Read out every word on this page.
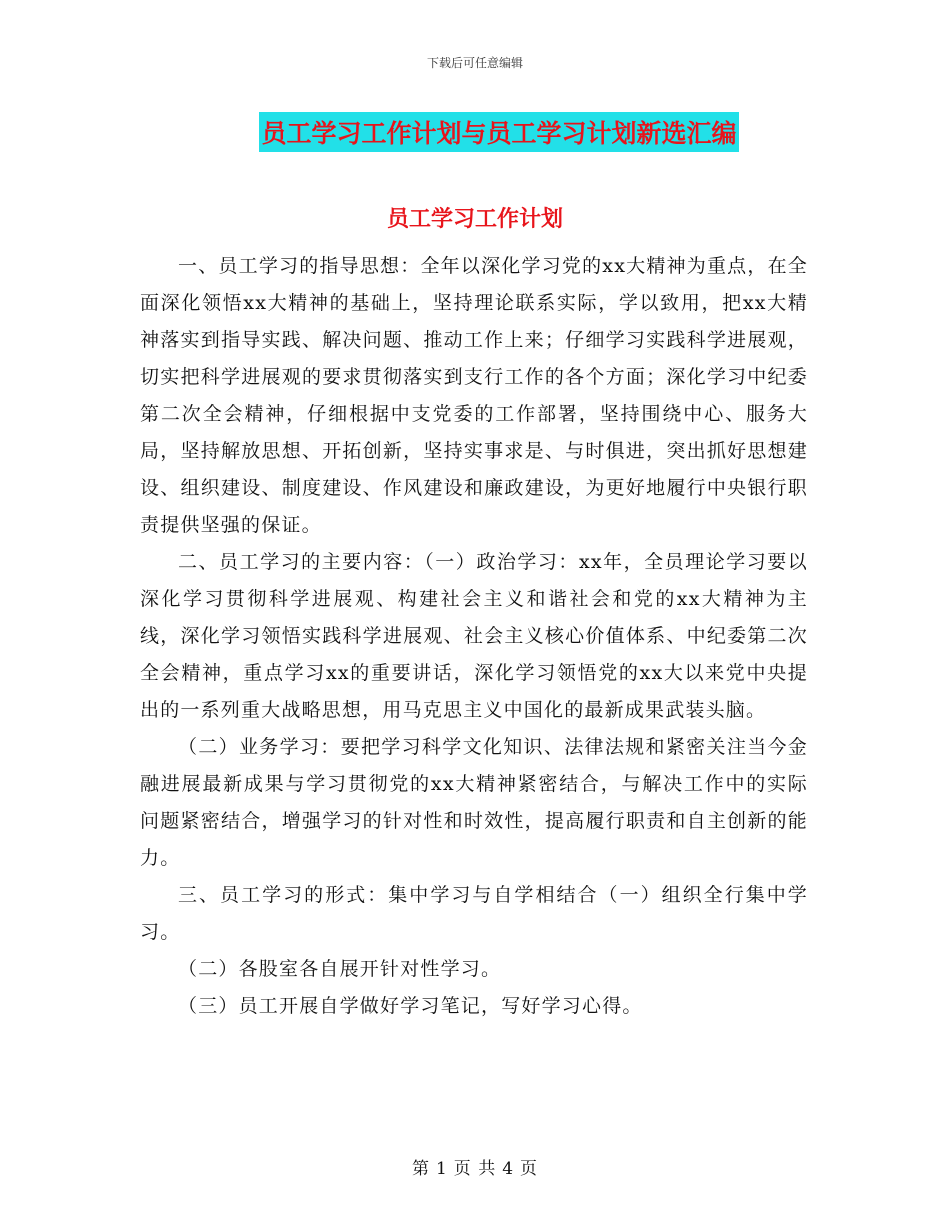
下载后可任意编辑
员工学习工作计划与员工学习计划新选汇编
员工学习工作计划

一、员工学习的指导思想：全年以深化学习党的xx大精神为重点，在全面深化领悟xx大精神的基础上，坚持理论联系实际，学以致用，把xx大精神落实到指导实践、解决问题、推动工作上来；仔细学习实践科学进展观，切实把科学进展观的要求贯彻落实到支行工作的各个方面；深化学习中纪委第二次全会精神，仔细根据中支党委的工作部署，坚持围绕中心、服务大局，坚持解放思想、开拓创新，坚持实事求是、与时俱进，突出抓好思想建设、组织建设、制度建设、作风建设和廉政建设，为更好地履行中央银行职责提供坚强的保证。

二、员工学习的主要内容：（一）政治学习：xx年，全员理论学习要以深化学习贯彻科学进展观、构建社会主义和谐社会和党的xx大精神为主线，深化学习领悟实践科学进展观、社会主义核心价值体系、中纪委第二次全会精神，重点学习xx的重要讲话，深化学习领悟党的xx大以来党中央提出的一系列重大战略思想，用马克思主义中国化的最新成果武装头脑。

（二）业务学习：要把学习科学文化知识、法律法规和紧密关注当今金融进展最新成果与学习贯彻党的xx大精神紧密结合，与解决工作中的实际问题紧密结合，增强学习的针对性和时效性，提高履行职责和自主创新的能力。

三、员工学习的形式：集中学习与自学相结合（一）组织全行集中学习。

（二）各股室各自展开针对性学习。

（三）员工开展自学做好学习笔记，写好学习心得。

第 1 页 共 4 页
